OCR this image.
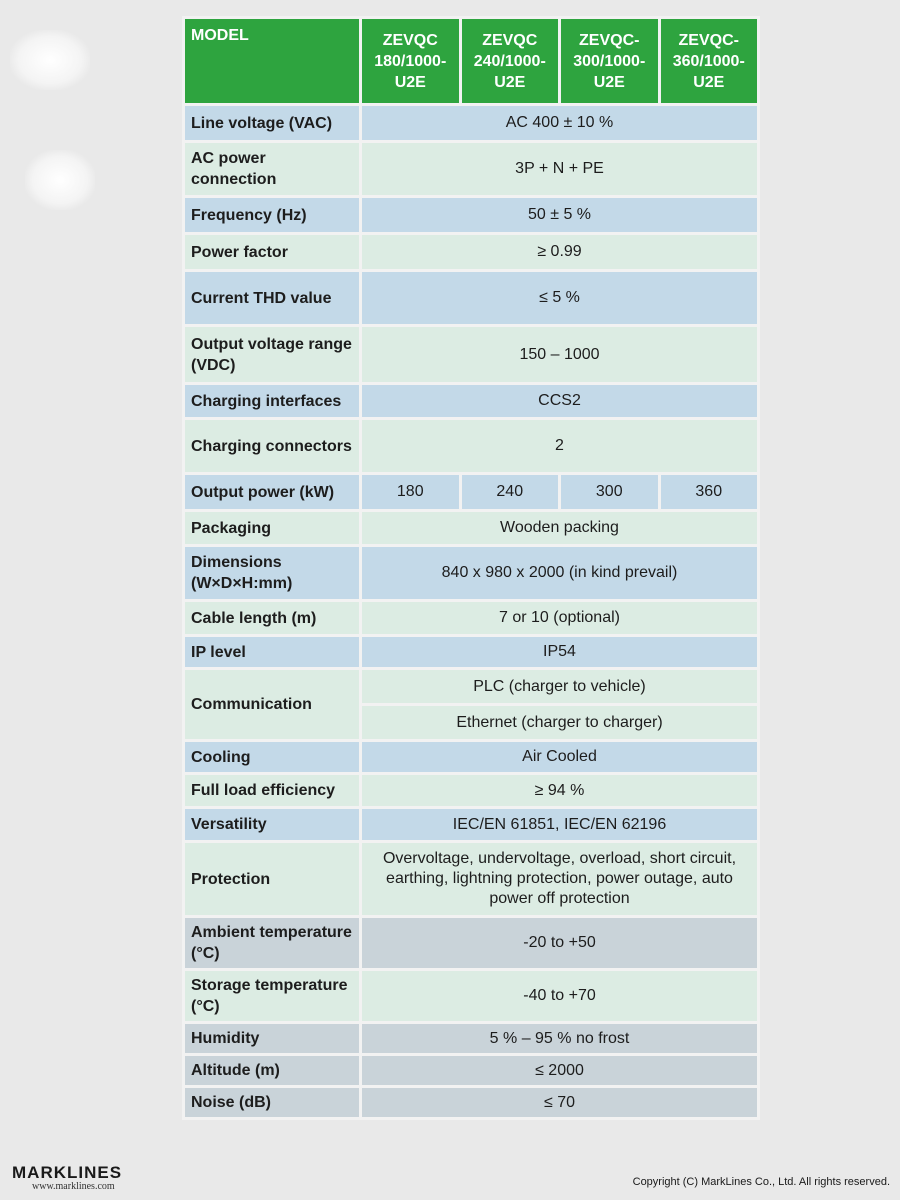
MODEL	ZEVQC 180/1000-U2E	ZEVQC 240/1000-U2E	ZEVQC-300/1000-U2E	ZEVQC-360/1000-U2E
Line voltage (VAC)	AC 400 ± 10 %			
AC power connection	3P + N + PE			
Frequency (Hz)	50 ± 5 %			
Power factor	≥ 0.99			
Current THD value	≤ 5 %			
Output voltage range (VDC)	150 – 1000			
Charging interfaces	CCS2			
Charging connectors	2			
Output power (kW)	180	240	300	360
Packaging	Wooden packing			
Dimensions (W×D×H:mm)	840 x 980 x 2000 (in kind prevail)			
Cable length (m)	7 or 10 (optional)			
IP level	IP54			
Communication	PLC (charger to vehicle)			
	Ethernet (charger to charger)			
Cooling	Air Cooled			
Full load efficiency	≥ 94 %			
Versatility	IEC/EN 61851, IEC/EN 62196			
Protection	Overvoltage, undervoltage, overload, short circuit, earthing, lightning protection, power outage, auto power off protection			
Ambient temperature (°C)	-20 to +50			
Storage temperature (°C)	-40 to +70			
Humidity	5 % – 95 % no frost			
Altitude (m)	≤ 2000			
Noise (dB)	≤ 70			
MARKLINES
www.marklines.com	Copyright (C) MarkLines Co., Ltd. All rights reserved.
